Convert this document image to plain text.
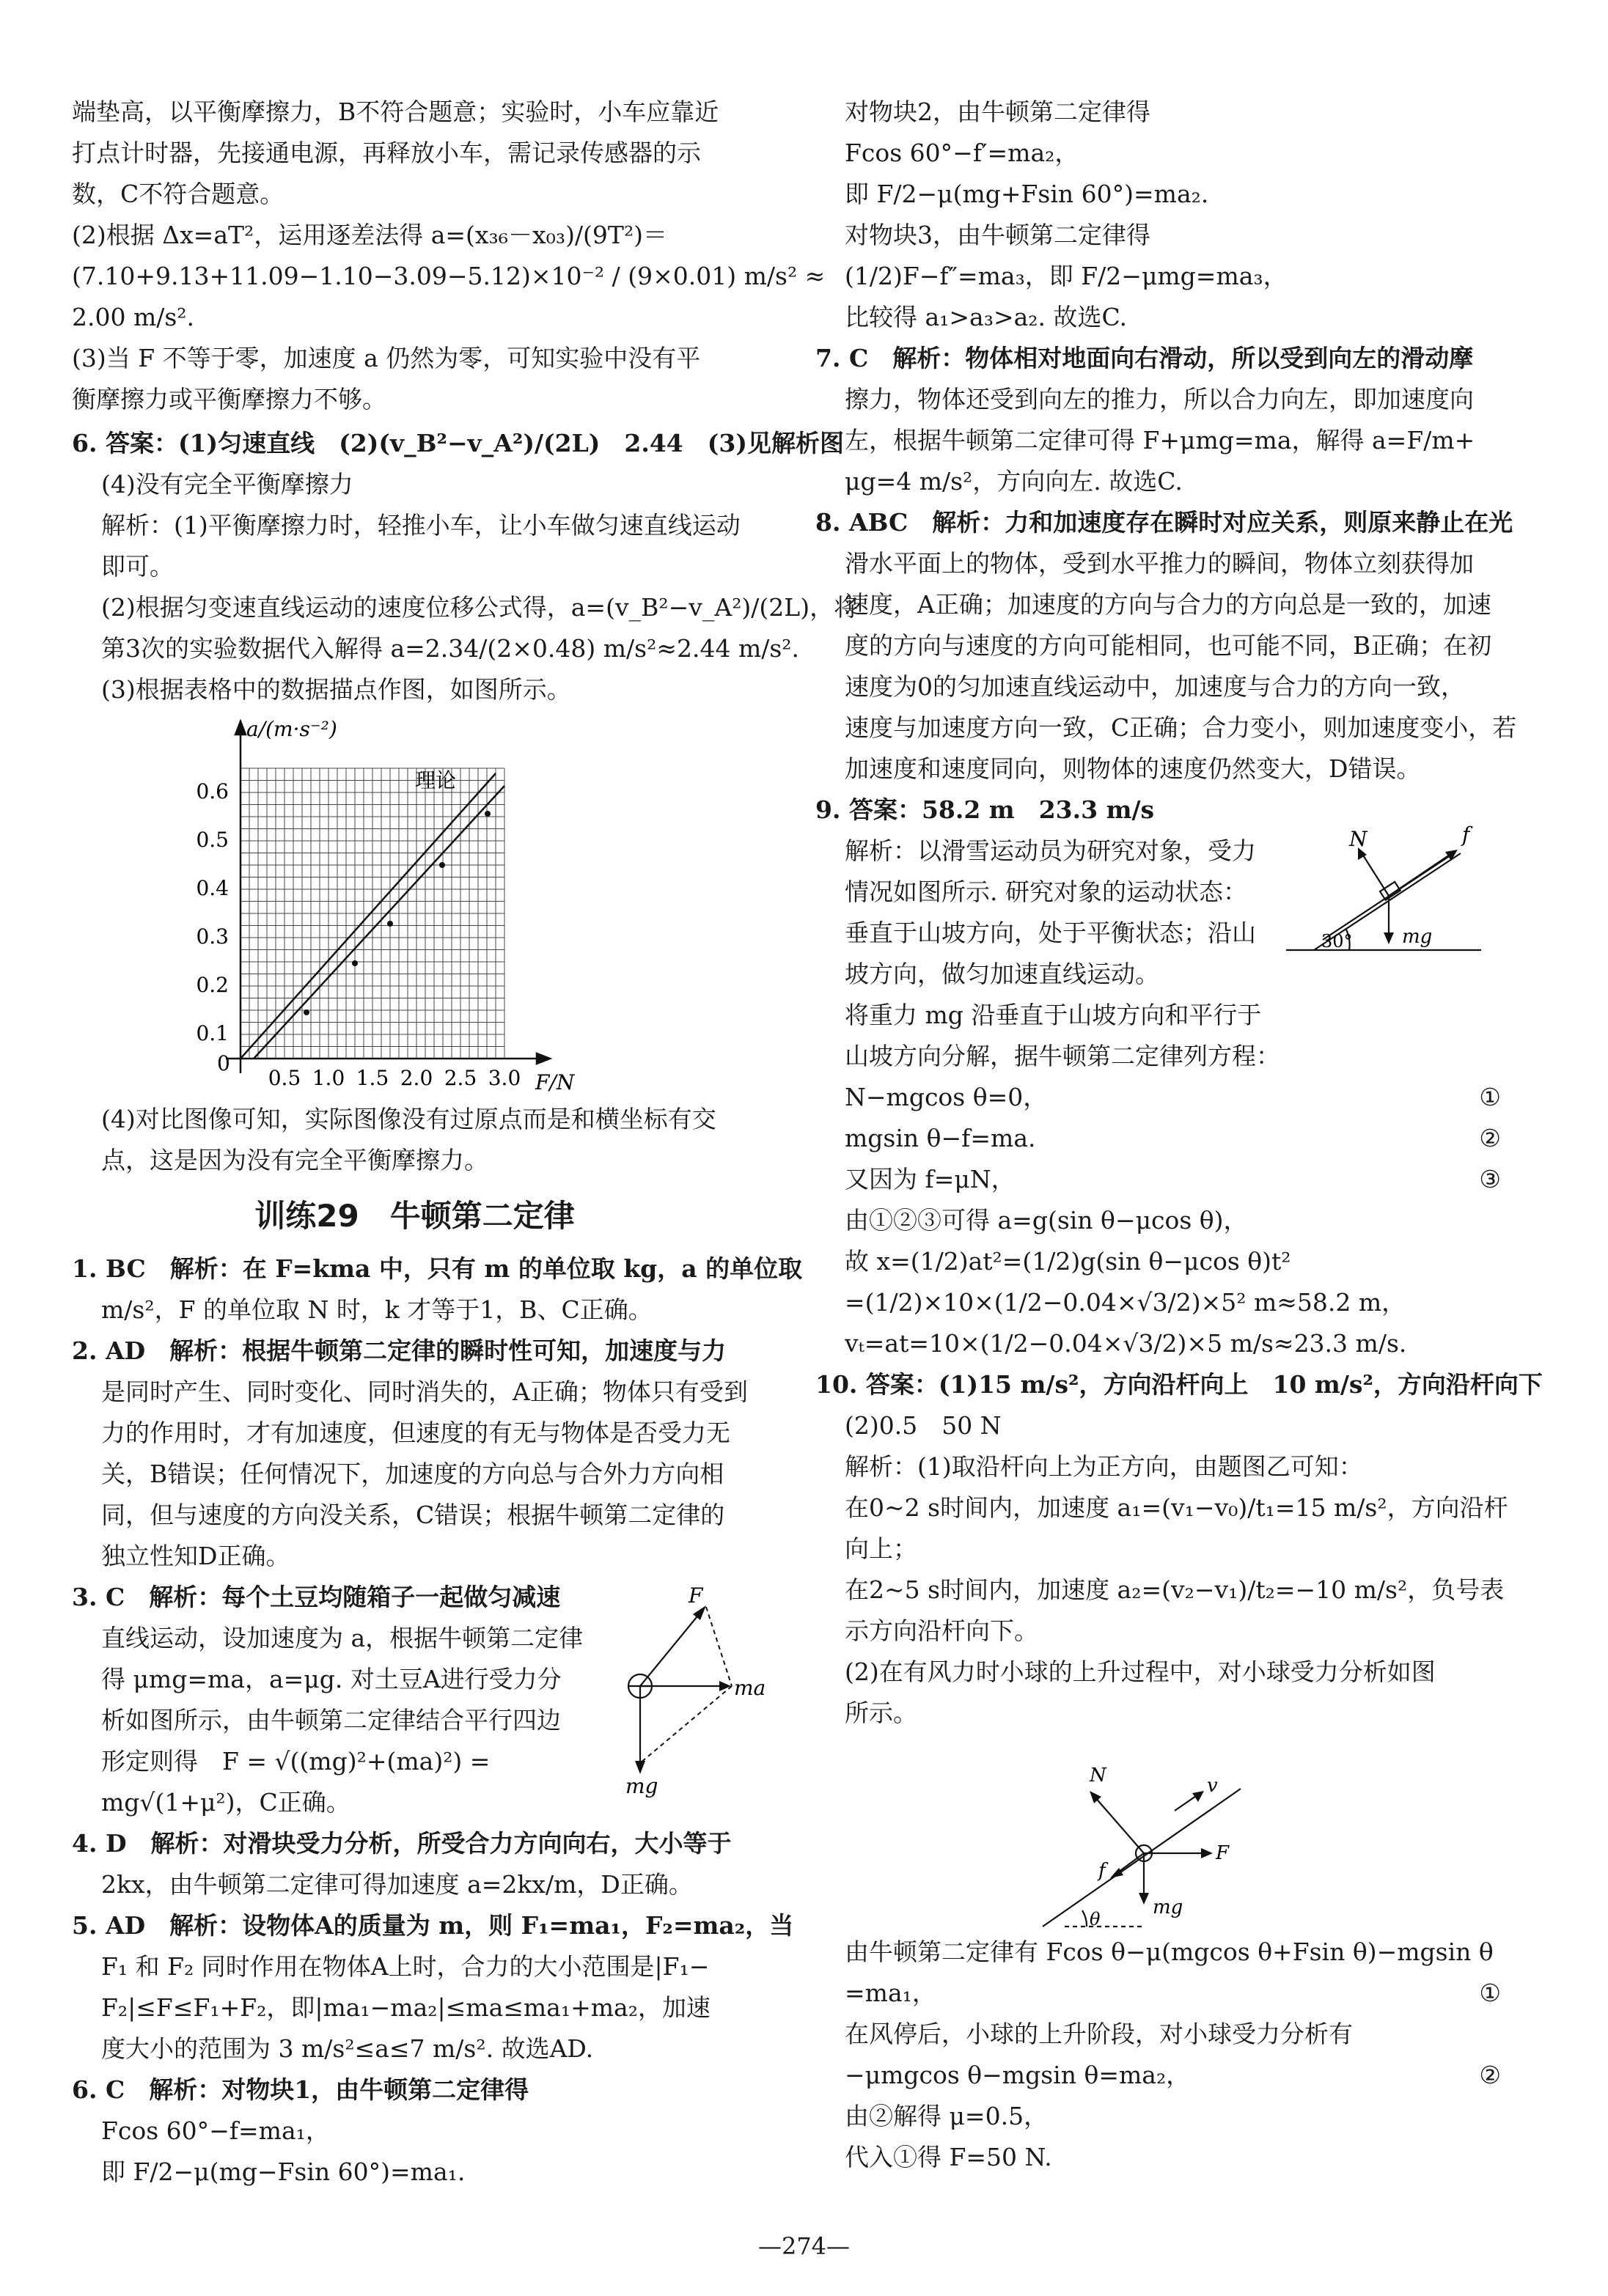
端垫高，以平衡摩擦力，B不符合题意；实验时，小车应靠近
打点计时器，先接通电源，再释放小车，需记录传感器的示
数，C不符合题意。
(2)根据 Δx=aT²，运用逐差法得 a=(x₃₆－x₀₃)/(9T²)＝
(7.10+9.13+11.09−1.10−3.09−5.12)×10⁻² / (9×0.01) m/s² ≈
2.00 m/s².
(3)当 F 不等于零，加速度 a 仍然为零，可知实验中没有平
衡摩擦力或平衡摩擦力不够。
6. 答案：(1)匀速直线　(2)(v_B²−v_A²)/(2L)　2.44　(3)见解析图
(4)没有完全平衡摩擦力
解析：(1)平衡摩擦力时，轻推小车，让小车做匀速直线运动
即可。
(2)根据匀变速直线运动的速度位移公式得，a=(v_B²−v_A²)/(2L)，将
第3次的实验数据代入解得 a=2.34/(2×0.48) m/s²≈2.44 m/s².
(3)根据表格中的数据描点作图，如图所示。
a/(m·s⁻²)
理论
0
0.1
0.2
0.3
0.4
0.5
0.6
0.5 1.0 1.5 2.0 2.5 3.0 F/N
(4)对比图像可知，实际图像没有过原点而是和横坐标有交
点，这是因为没有完全平衡摩擦力。
训练29　牛顿第二定律
1. BC　解析：在 F=kma 中，只有 m 的单位取 kg，a 的单位取
m/s²，F 的单位取 N 时，k 才等于1，B、C正确。
2. AD　解析：根据牛顿第二定律的瞬时性可知，加速度与力
是同时产生、同时变化、同时消失的，A正确；物体只有受到
力的作用时，才有加速度，但速度的有无与物体是否受力无
关，B错误；任何情况下，加速度的方向总与合外力方向相
同，但与速度的方向没关系，C错误；根据牛顿第二定律的
独立性知D正确。
3. C　解析：每个土豆均随箱子一起做匀减速
直线运动，设加速度为 a，根据牛顿第二定律
得 μmg=ma，a=μg. 对土豆A进行受力分
析如图所示，由牛顿第二定律结合平行四边
形定则得　F = √((mg)²+(ma)²) =
mg√(1+μ²)，C正确。
F
ma
mg
4. D　解析：对滑块受力分析，所受合力方向向右，大小等于
2kx，由牛顿第二定律可得加速度 a=2kx/m，D正确。
5. AD　解析：设物体A的质量为 m，则 F₁=ma₁，F₂=ma₂，当
F₁ 和 F₂ 同时作用在物体A上时，合力的大小范围是|F₁−
F₂|≤F≤F₁+F₂，即|ma₁−ma₂|≤ma≤ma₁+ma₂，加速
度大小的范围为 3 m/s²≤a≤7 m/s². 故选AD.
6. C　解析：对物块1，由牛顿第二定律得
Fcos 60°−f=ma₁，
即 F/2−μ(mg−Fsin 60°)=ma₁.
对物块2，由牛顿第二定律得
Fcos 60°−f′=ma₂，
即 F/2−μ(mg+Fsin 60°)=ma₂.
对物块3，由牛顿第二定律得
(1/2)F−f″=ma₃，即 F/2−μmg=ma₃，
比较得 a₁>a₃>a₂. 故选C.
7. C　解析：物体相对地面向右滑动，所以受到向左的滑动摩
擦力，物体还受到向左的推力，所以合力向左，即加速度向
左，根据牛顿第二定律可得 F+μmg=ma，解得 a=F/m+
μg=4 m/s²，方向向左. 故选C.
8. ABC　解析：力和加速度存在瞬时对应关系，则原来静止在光
滑水平面上的物体，受到水平推力的瞬间，物体立刻获得加
速度，A正确；加速度的方向与合力的方向总是一致的，加速
度的方向与速度的方向可能相同，也可能不同，B正确；在初
速度为0的匀加速直线运动中，加速度与合力的方向一致，
速度与加速度方向一致，C正确；合力变小，则加速度变小，若
加速度和速度同向，则物体的速度仍然变大，D错误。
9. 答案：58.2 m　23.3 m/s
解析：以滑雪运动员为研究对象，受力
情况如图所示. 研究对象的运动状态：
垂直于山坡方向，处于平衡状态；沿山
坡方向，做匀加速直线运动。
将重力 mg 沿垂直于山坡方向和平行于
山坡方向分解，据牛顿第二定律列方程：
N	f
mg
30°
N−mgcos θ=0，	①
mgsin θ−f=ma.	②
又因为 f=μN，	③
由①②③可得 a=g(sin θ−μcos θ)，
故 x=(1/2)at²=(1/2)g(sin θ−μcos θ)t²
=(1/2)×10×(1/2−0.04×√3/2)×5² m≈58.2 m，
vₜ=at=10×(1/2−0.04×√3/2)×5 m/s≈23.3 m/s.
10. 答案：(1)15 m/s²，方向沿杆向上　10 m/s²，方向沿杆向下
(2)0.5　50 N
解析：(1)取沿杆向上为正方向，由题图乙可知：
在0~2 s时间内，加速度 a₁=(v₁−v₀)/t₁=15 m/s²，方向沿杆
向上；
在2~5 s时间内，加速度 a₂=(v₂−v₁)/t₂=−10 m/s²，负号表
示方向沿杆向下。
(2)在有风力时小球的上升过程中，对小球受力分析如图
所示。
N	v
F
f
mg
θ
由牛顿第二定律有 Fcos θ−μ(mgcos θ+Fsin θ)−mgsin θ
=ma₁，	①
在风停后，小球的上升阶段，对小球受力分析有
−μmgcos θ−mgsin θ=ma₂，	②
由②解得 μ=0.5，
代入①得 F=50 N.
—274—
